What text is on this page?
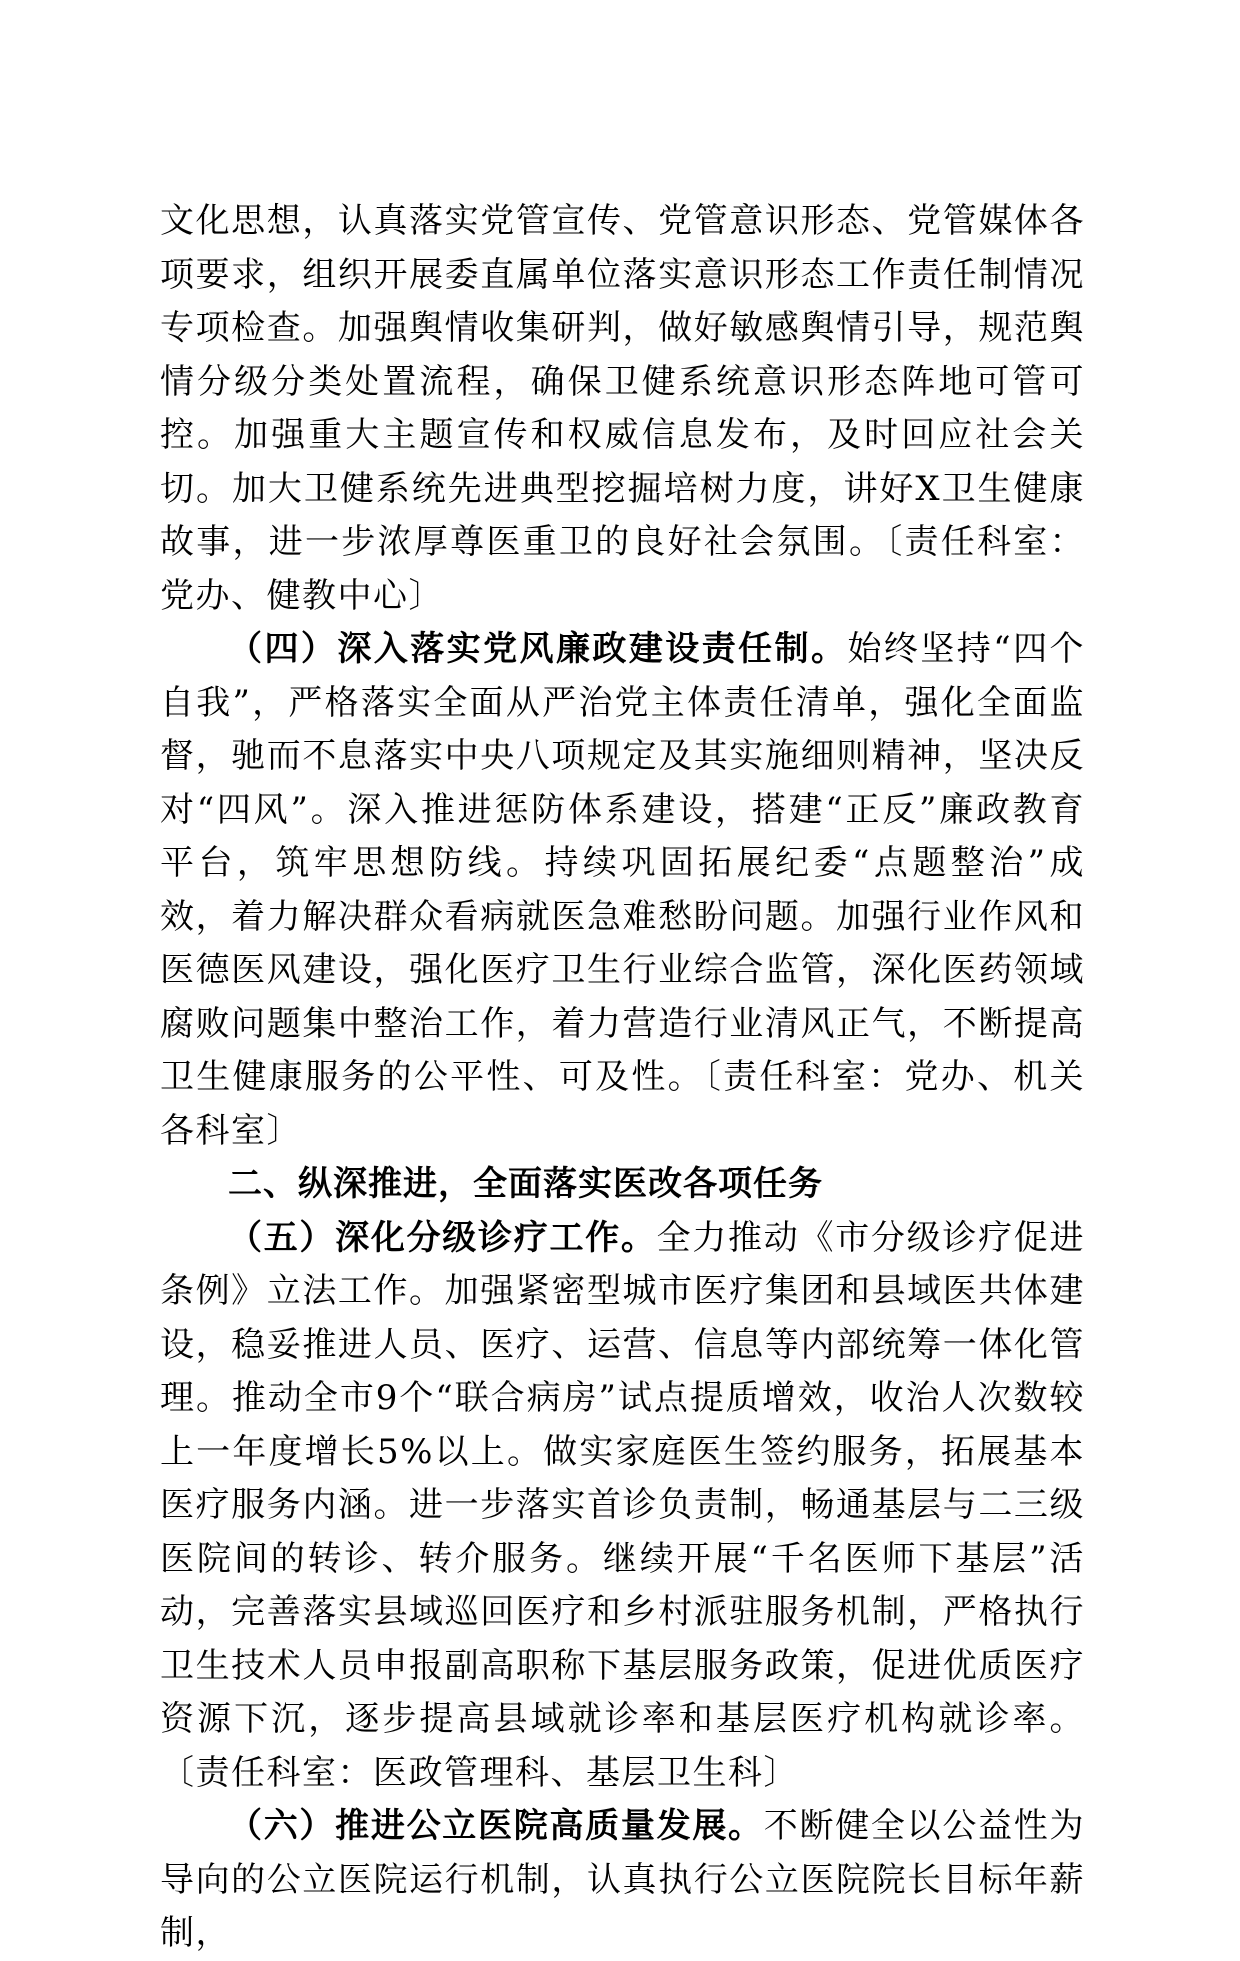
文化思想，认真落实党管宣传、党管意识形态、党管媒体各项要求，组织开展委直属单位落实意识形态工作责任制情况专项检查。加强舆情收集研判，做好敏感舆情引导，规范舆情分级分类处置流程，确保卫健系统意识形态阵地可管可控。加强重大主题宣传和权威信息发布，及时回应社会关切。加大卫健系统先进典型挖掘培树力度，讲好X卫生健康故事，进一步浓厚尊医重卫的良好社会氛围。〔责任科室：党办、健教中心〕

（四）深入落实党风廉政建设责任制。始终坚持“四个自我”，严格落实全面从严治党主体责任清单，强化全面监督，驰而不息落实中央八项规定及其实施细则精神，坚决反对“四风”。深入推进惩防体系建设，搭建“正反”廉政教育平台，筑牢思想防线。持续巩固拓展纪委“点题整治”成效，着力解决群众看病就医急难愁盼问题。加强行业作风和医德医风建设，强化医疗卫生行业综合监管，深化医药领域腐败问题集中整治工作，着力营造行业清风正气，不断提高卫生健康服务的公平性、可及性。〔责任科室：党办、机关各科室〕

二、纵深推进，全面落实医改各项任务

（五）深化分级诊疗工作。全力推动《市分级诊疗促进条例》立法工作。加强紧密型城市医疗集团和县域医共体建设，稳妥推进人员、医疗、运营、信息等内部统筹一体化管理。推动全市9个“联合病房”试点提质增效，收治人次数较上一年度增长5%以上。做实家庭医生签约服务，拓展基本医疗服务内涵。进一步落实首诊负责制，畅通基层与二三级医院间的转诊、转介服务。继续开展“千名医师下基层”活动，完善落实县域巡回医疗和乡村派驻服务机制，严格执行卫生技术人员申报副高职称下基层服务政策，促进优质医疗资源下沉，逐步提高县域就诊率和基层医疗机构就诊率。〔责任科室：医政管理科、基层卫生科〕

（六）推进公立医院高质量发展。不断健全以公益性为导向的公立医院运行机制，认真执行公立医院院长目标年薪制，
